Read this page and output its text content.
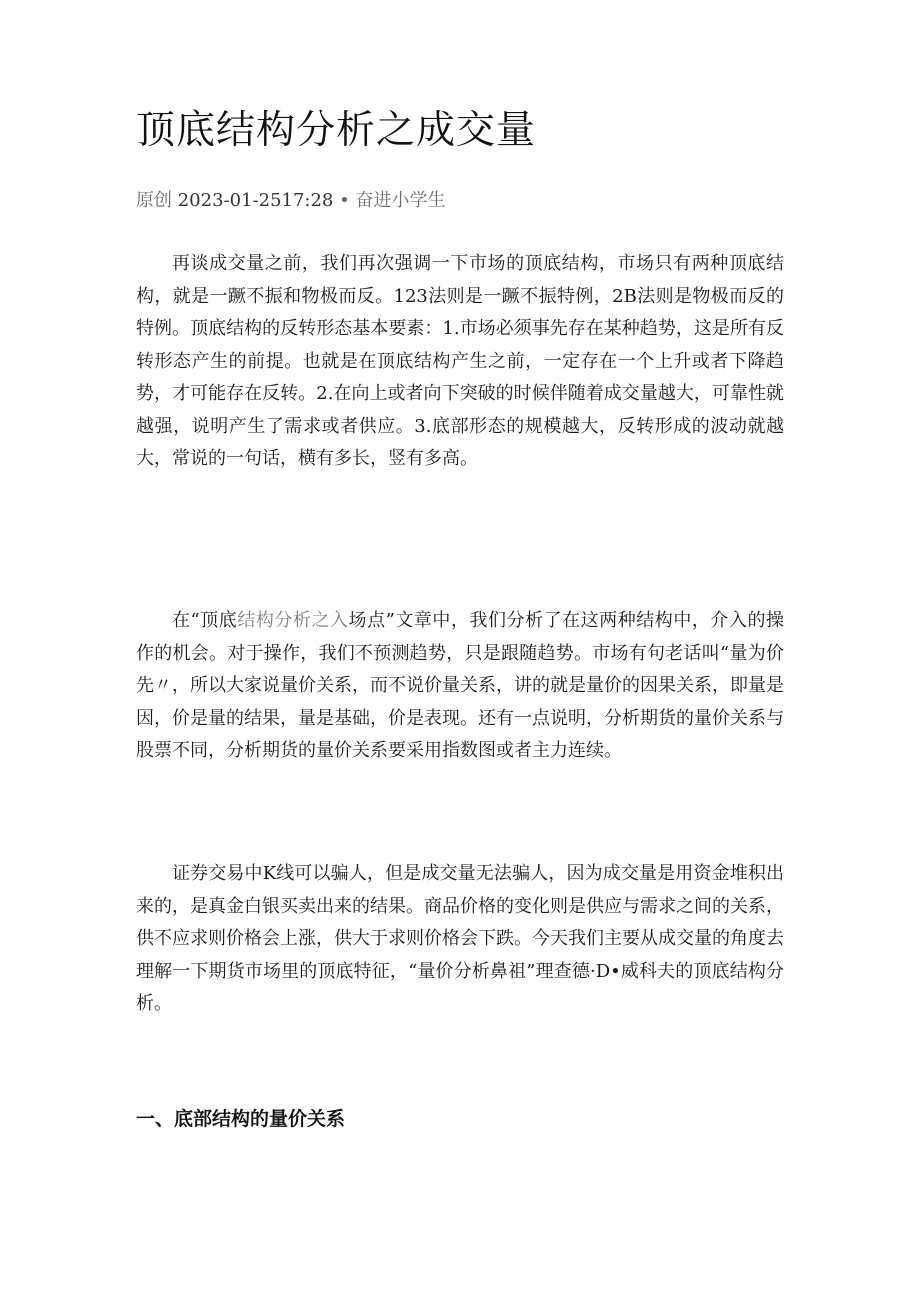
顶底结构分析之成交量
原创 2023-01-2517:28 • 奋进小学生

再谈成交量之前，我们再次强调一下市场的顶底结构，市场只有两种顶底结构，就是一蹶不振和物极而反。123法则是一蹶不振特例，2B法则是物极而反的特例。顶底结构的反转形态基本要素：1.市场必须事先存在某种趋势，这是所有反转形态产生的前提。也就是在顶底结构产生之前，一定存在一个上升或者下降趋势，才可能存在反转。2.在向上或者向下突破的时候伴随着成交量越大，可靠性就越强，说明产生了需求或者供应。3.底部形态的规模越大，反转形成的波动就越大，常说的一句话，横有多长，竖有多高。

在“顶底结构分析之入场点”文章中，我们分析了在这两种结构中，介入的操作的机会。对于操作，我们不预测趋势，只是跟随趋势。市场有句老话叫“量为价先〃，所以大家说量价关系，而不说价量关系，讲的就是量价的因果关系，即量是因，价是量的结果，量是基础，价是表现。还有一点说明，分析期货的量价关系与股票不同，分析期货的量价关系要采用指数图或者主力连续。

证券交易中K线可以骗人，但是成交量无法骗人，因为成交量是用资金堆积出来的，是真金白银买卖出来的结果。商品价格的变化则是供应与需求之间的关系，供不应求则价格会上涨，供大于求则价格会下跌。今天我们主要从成交量的角度去理解一下期货市场里的顶底特征，“量价分析鼻祖”理查德·D•威科夫的顶底结构分析。

一、底部结构的量价关系
